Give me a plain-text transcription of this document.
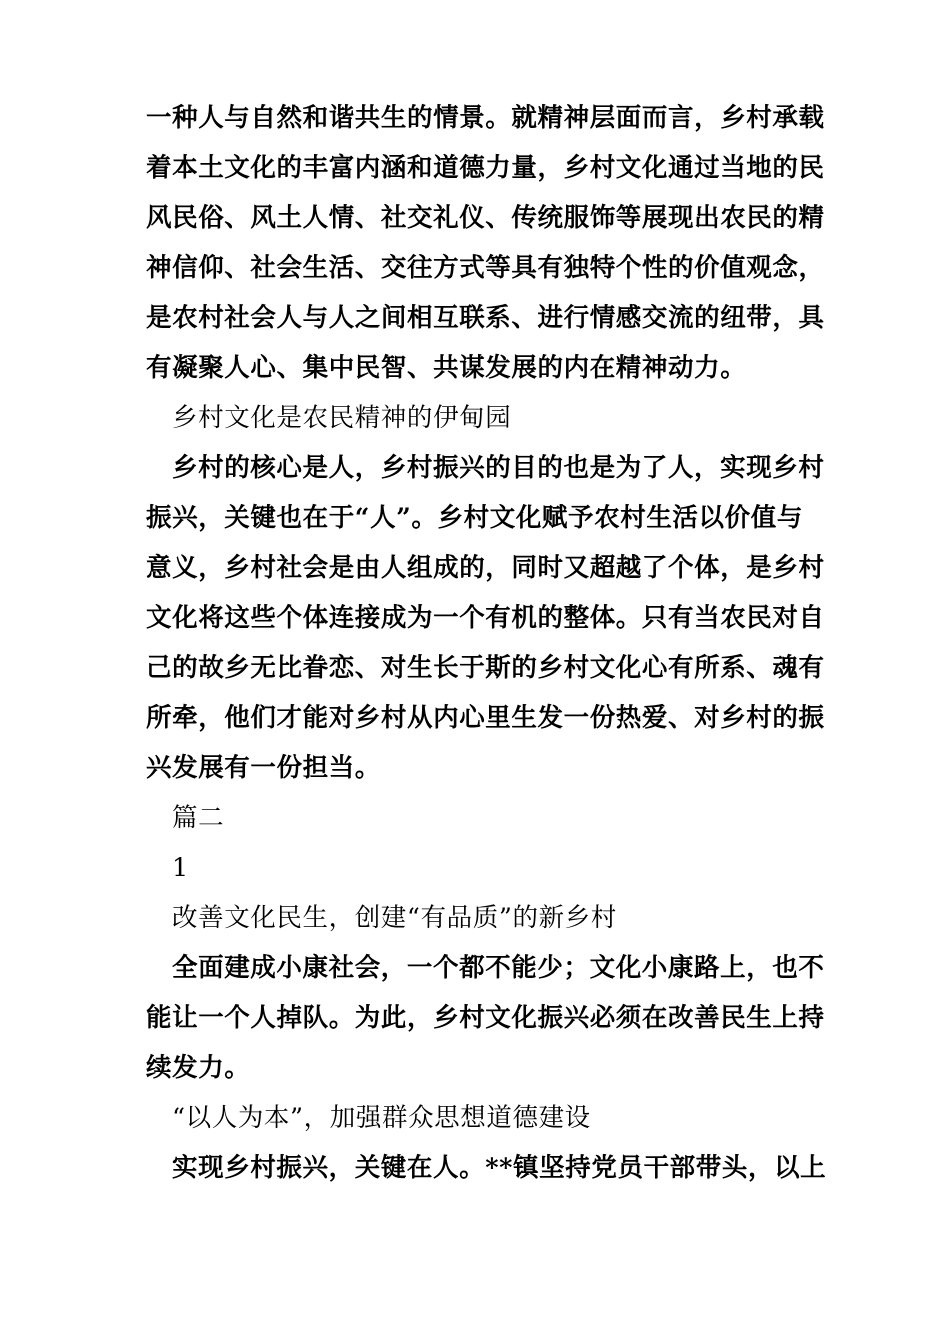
一种人与自然和谐共生的情景。就精神层面而言，乡村承载
着本土文化的丰富内涵和道德力量，乡村文化通过当地的民
风民俗、风土人情、社交礼仪、传统服饰等展现出农民的精
神信仰、社会生活、交往方式等具有独特个性的价值观念，
是农村社会人与人之间相互联系、进行情感交流的纽带，具
有凝聚人心、集中民智、共谋发展的内在精神动力。
乡村文化是农民精神的伊甸园
乡村的核心是人，乡村振兴的目的也是为了人，实现乡村
振兴，关键也在于“人”。乡村文化赋予农村生活以价值与
意义，乡村社会是由人组成的，同时又超越了个体，是乡村
文化将这些个体连接成为一个有机的整体。只有当农民对自
己的故乡无比眷恋、对生长于斯的乡村文化心有所系、魂有
所牵，他们才能对乡村从内心里生发一份热爱、对乡村的振
兴发展有一份担当。
篇二
1
改善文化民生，创建“有品质”的新乡村
全面建成小康社会，一个都不能少；文化小康路上，也不
能让一个人掉队。为此，乡村文化振兴必须在改善民生上持
续发力。
“以人为本”，加强群众思想道德建设
实现乡村振兴，关键在人。**镇坚持党员干部带头，以上
